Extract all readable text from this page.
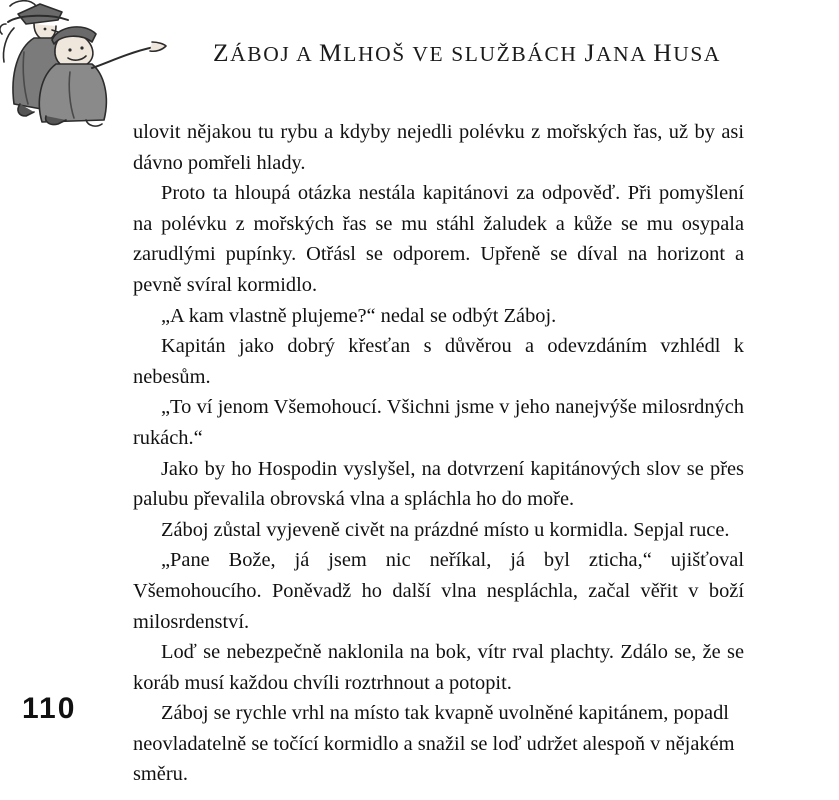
ZÁBOJ A MLHOŠ VE SLUŽBÁCH JANA HUSA

ulovit nějakou tu rybu a kdyby nejedli polévku z mořských řas, už by asi dávno pomřeli hlady.

Proto ta hloupá otázka nestála kapitánovi za odpověď. Při pomyšlení na polévku z mořských řas se mu stáhl žaludek a kůže se mu osypala zarudlými pupínky. Otřásl se odporem. Upřeně se díval na horizont a pevně svíral kormidlo.

„A kam vlastně plujeme?“ nedal se odbýt Záboj.

Kapitán jako dobrý křesťan s důvěrou a odevzdáním vzhlédl k nebesům.

„To ví jenom Všemohoucí. Všichni jsme v jeho nanejvýše milosrdných rukách.“

Jako by ho Hospodin vyslyšel, na dotvrzení kapitánových slov se přes palubu převalila obrovská vlna a spláchla ho do moře.

Záboj zůstal vyjeveně civět na prázdné místo u kormidla. Sepjal ruce.

„Pane Bože, já jsem nic neříkal, já byl zticha,“ ujišťoval Všemohoucího. Poněvadž ho další vlna nespláchla, začal věřit v boží milosrdenství.

Loď se nebezpečně naklonila na bok, vítr rval plachty. Zdálo se, že se koráb musí každou chvíli roztrhnout a potopit.

Záboj se rychle vrhl na místo tak kvapně uvolněné kapitánem, popadl neovladatelně se točící kormidlo a snažil se loď udržet alespoň v nějakém směru.

110
